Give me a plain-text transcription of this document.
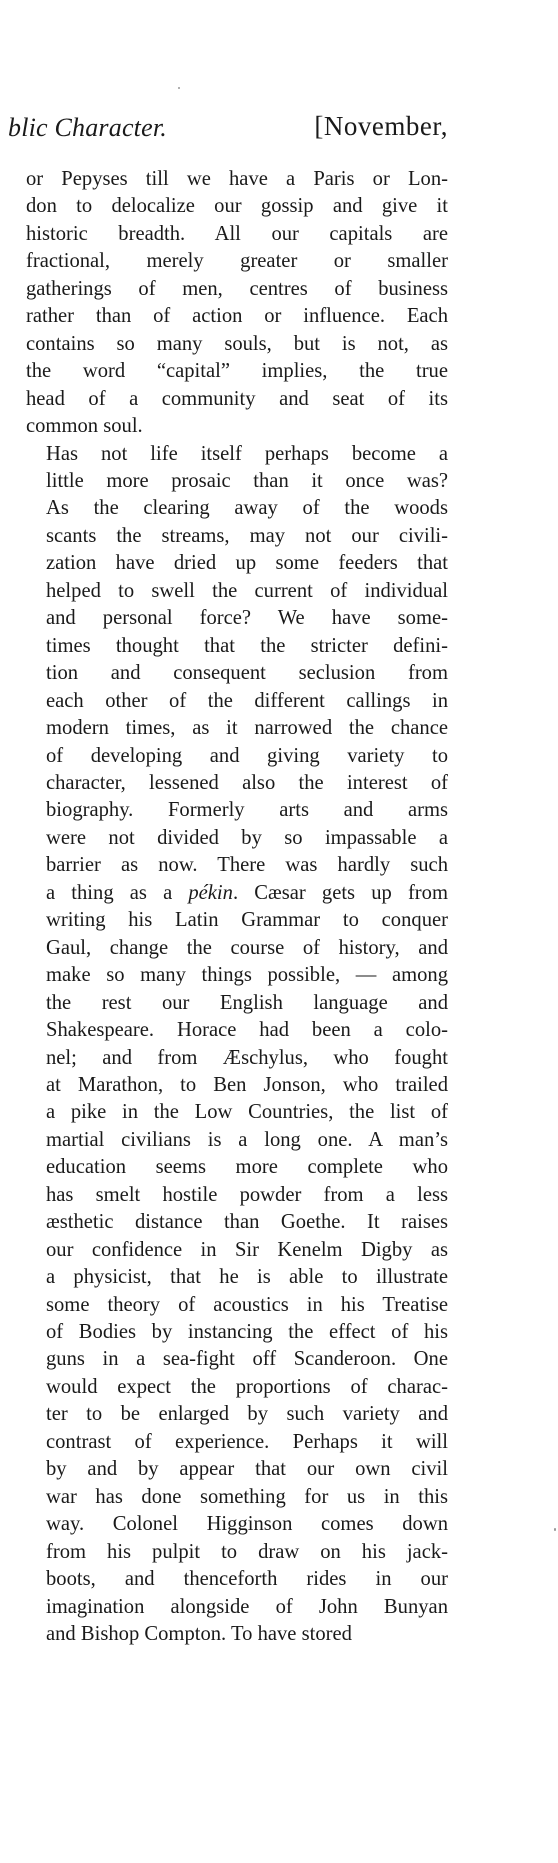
blic Character.	[November,

or Pepyses till we have a Paris or Lon-
don to delocalize our gossip and give it
historic breadth. All our capitals are
fractional, merely greater or smaller
gatherings of men, centres of business
rather than of action or influence. Each
contains so many souls, but is not, as
the word “capital” implies, the true
head of a community and seat of its
common soul.

Has not life itself perhaps become a
little more prosaic than it once was?
As the clearing away of the woods
scants the streams, may not our civili-
zation have dried up some feeders that
helped to swell the current of individual
and personal force? We have some-
times thought that the stricter defini-
tion and consequent seclusion from
each other of the different callings in
modern times, as it narrowed the chance
of developing and giving variety to
character, lessened also the interest of
biography. Formerly arts and arms
were not divided by so impassable a
barrier as now. There was hardly such
a thing as a pékin. Cæsar gets up from
writing his Latin Grammar to conquer
Gaul, change the course of history, and
make so many things possible, — among
the rest our English language and
Shakespeare. Horace had been a colo-
nel; and from Æschylus, who fought
at Marathon, to Ben Jonson, who trailed
a pike in the Low Countries, the list of
martial civilians is a long one. A man’s
education seems more complete who
has smelt hostile powder from a less
æsthetic distance than Goethe. It raises
our confidence in Sir Kenelm Digby as
a physicist, that he is able to illustrate
some theory of acoustics in his Treatise
of Bodies by instancing the effect of his
guns in a sea-fight off Scanderoon. One
would expect the proportions of charac-
ter to be enlarged by such variety and
contrast of experience. Perhaps it will
by and by appear that our own civil
war has done something for us in this
way. Colonel Higginson comes down
from his pulpit to draw on his jack-
boots, and thenceforth rides in our
imagination alongside of John Bunyan
and Bishop Compton. To have stored
